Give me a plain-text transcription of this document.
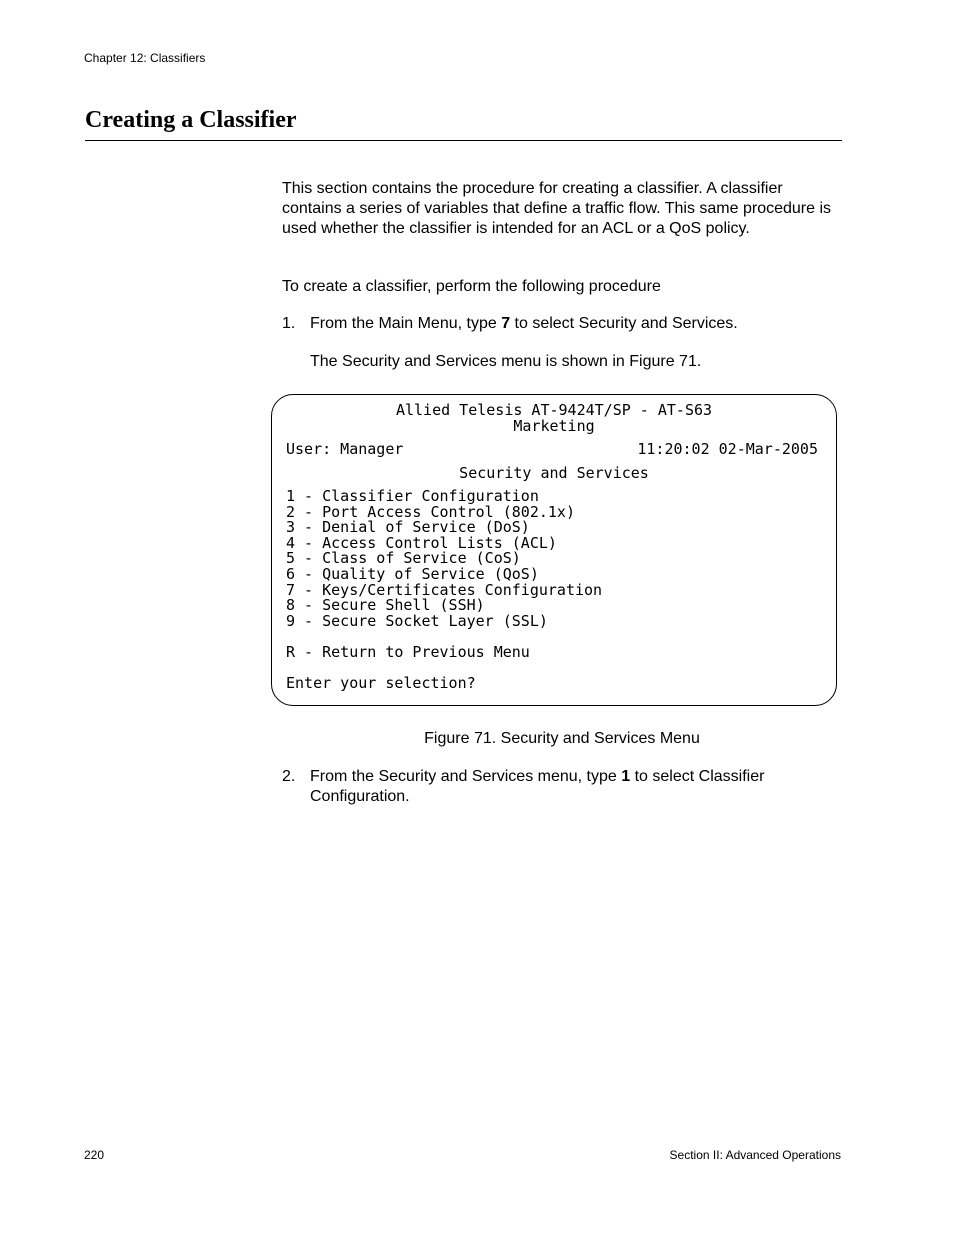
Chapter 12: Classifiers
Creating a Classifier
This section contains the procedure for creating a classifier. A classifier contains a series of variables that define a traffic flow. This same procedure is used whether the classifier is intended for an ACL or a QoS policy.
To create a classifier, perform the following procedure
1. From the Main Menu, type 7 to select Security and Services.
The Security and Services menu is shown in Figure 71.
Allied Telesis AT-9424T/SP - AT-S63
Marketing
User: Manager	11:20:02 02-Mar-2005
Security and Services
1 - Classifier Configuration
2 - Port Access Control (802.1x)
3 - Denial of Service (DoS)
4 - Access Control Lists (ACL)
5 - Class of Service (CoS)
6 - Quality of Service (QoS)
7 - Keys/Certificates Configuration
8 - Secure Shell (SSH)
9 - Secure Socket Layer (SSL)
R - Return to Previous Menu
Enter your selection?
Figure 71. Security and Services Menu
2. From the Security and Services menu, type 1 to select Classifier Configuration.
220	Section II: Advanced Operations
